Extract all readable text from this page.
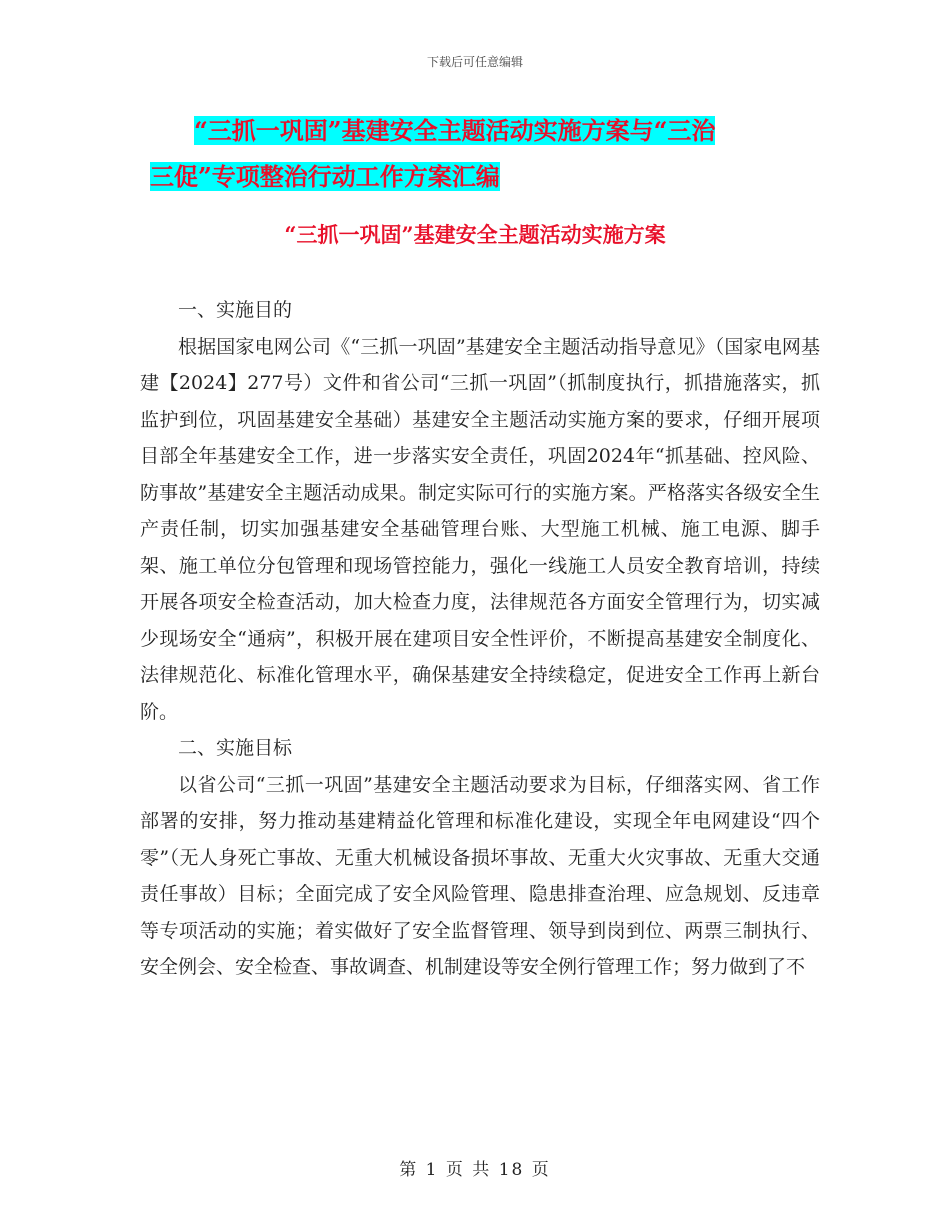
下载后可任意编辑
“三抓一巩固”基建安全主题活动实施方案与“三治
三促”专项整治行动工作方案汇编
“三抓一巩固”基建安全主题活动实施方案

一、实施目的

根据国家电网公司《“三抓一巩固”基建安全主题活动指导意见》（国家电网基建【2024】277号）文件和省公司“三抓一巩固”（抓制度执行，抓措施落实，抓监护到位，巩固基建安全基础）基建安全主题活动实施方案的要求，仔细开展项目部全年基建安全工作，进一步落实安全责任，巩固2024年“抓基础、控风险、防事故”基建安全主题活动成果。制定实际可行的实施方案。严格落实各级安全生产责任制，切实加强基建安全基础管理台账、大型施工机械、施工电源、脚手架、施工单位分包管理和现场管控能力，强化一线施工人员安全教育培训，持续开展各项安全检查活动，加大检查力度，法律规范各方面安全管理行为，切实减少现场安全“通病”，积极开展在建项目安全性评价，不断提高基建安全制度化、法律规范化、标准化管理水平，确保基建安全持续稳定，促进安全工作再上新台阶。

二、实施目标

以省公司“三抓一巩固”基建安全主题活动要求为目标，仔细落实网、省工作部署的安排，努力推动基建精益化管理和标准化建设，实现全年电网建设“四个零”（无人身死亡事故、无重大机械设备损坏事故、无重大火灾事故、无重大交通责任事故）目标；全面完成了安全风险管理、隐患排查治理、应急规划、反违章等专项活动的实施；着实做好了安全监督管理、领导到岗到位、两票三制执行、安全例会、安全检查、事故调查、机制建设等安全例行管理工作；努力做到了不

第 1 页 共 18 页
